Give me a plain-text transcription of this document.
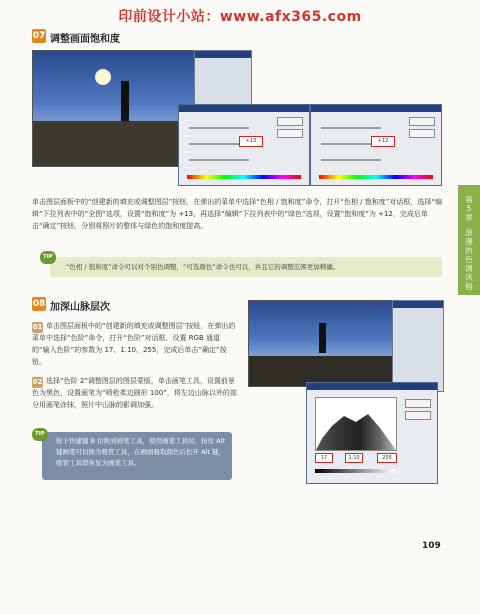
印前设计小站：www.afx365.com
07 调整画面饱和度
+13	+12
单击图层面板中的“创建新的填充或调整图层”按钮，在弹出的菜单中选择“色相 / 饱和度”命令，打开“色相 / 饱和度”对话框，选择“编辑”下拉列表中的“全图”选项，设置“饱和度”为 +13，再选择“编辑”下拉列表中的“绿色”选项，设置“饱和度”为 +12，完成后单击“确定”按钮，分别将照片的整体与绿色的饱和度提高。
TIP
“色相 / 饱和度”命令可以对个别色调整，“可选颜色”命令也可以，并且它的调整范围更加精确。
08 加深山脉层次
01 单击图层面板中的“创建新的填充或调整图层”按钮，在弹出的菜单中选择“色阶”命令，打开“色阶”对话框，设置 RGB 通道的“输入色阶”的参数为 17、1.10、255，完成后单击“确定”按钮。
02 选择“色阶 2”调整图层的图层蒙版，单击画笔工具，设置前景色为黑色，设置画笔为“喷枪柔边圆形 100”，将左边山脉以外的部分用画笔涂抹，照片中山脉的影调加强。
TIP
按下快捷键 B 切换到画笔工具，使用画笔工具时，按住 Alt 键画笔可切换为吸管工具，在画面吸取颜色后松开 Alt 键，吸管工具即恢复为画笔工具。
17	1.10	255
第5章
浪漫的色调风格
109
